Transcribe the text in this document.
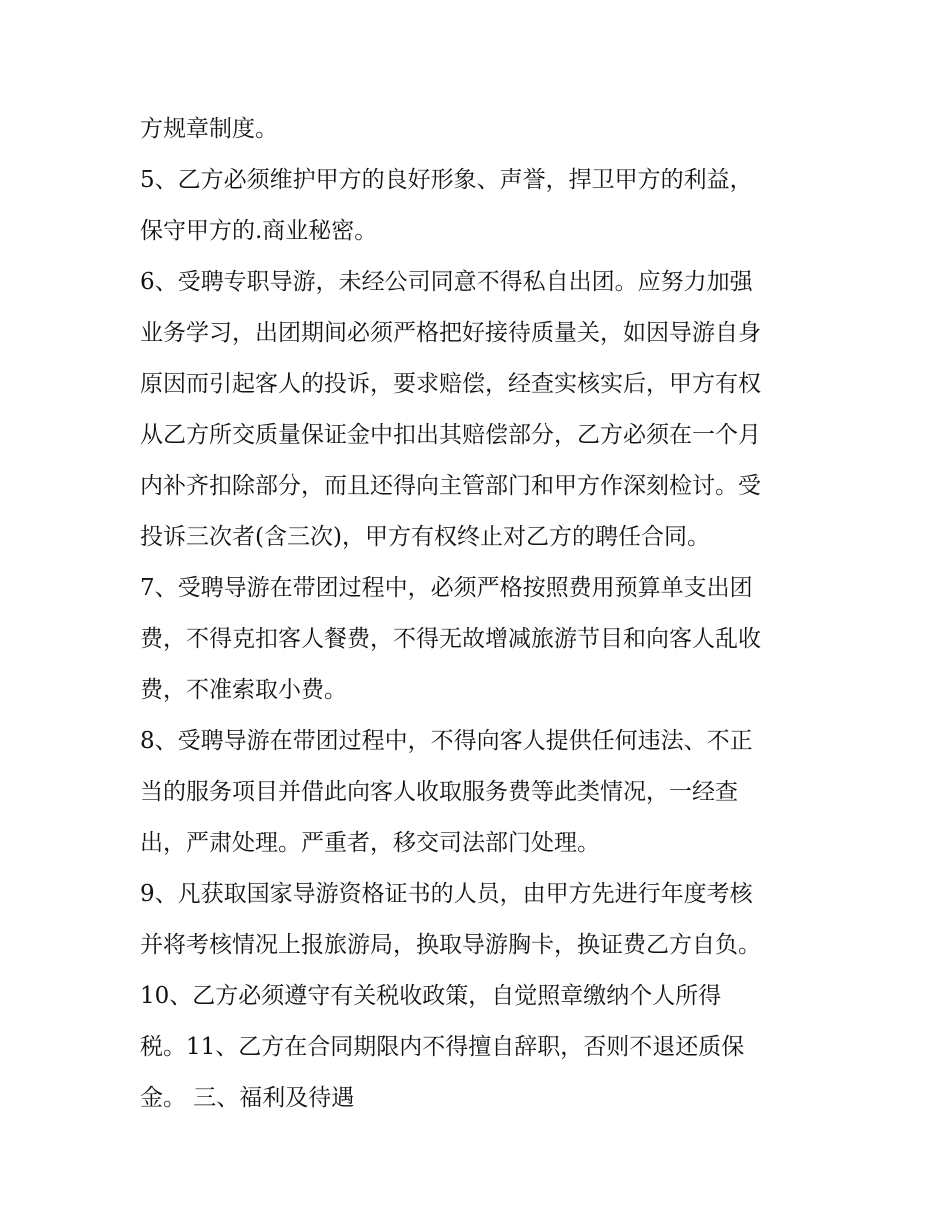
方规章制度。
5、乙方必须维护甲方的良好形象、声誉，捍卫甲方的利益，
保守甲方的.商业秘密。
6、受聘专职导游，未经公司同意不得私自出团。应努力加强
业务学习，出团期间必须严格把好接待质量关，如因导游自身
原因而引起客人的投诉，要求赔偿，经查实核实后，甲方有权
从乙方所交质量保证金中扣出其赔偿部分，乙方必须在一个月
内补齐扣除部分，而且还得向主管部门和甲方作深刻检讨。受
投诉三次者(含三次)，甲方有权终止对乙方的聘任合同。
7、受聘导游在带团过程中，必须严格按照费用预算单支出团
费，不得克扣客人餐费，不得无故增减旅游节目和向客人乱收
费，不准索取小费。
8、受聘导游在带团过程中，不得向客人提供任何违法、不正
当的服务项目并借此向客人收取服务费等此类情况，一经查
出，严肃处理。严重者，移交司法部门处理。
9、凡获取国家导游资格证书的人员，由甲方先进行年度考核
并将考核情况上报旅游局，换取导游胸卡，换证费乙方自负。
10、乙方必须遵守有关税收政策，自觉照章缴纳个人所得
税。11、乙方在合同期限内不得擅自辞职，否则不退还质保
金。 三、福利及待遇
